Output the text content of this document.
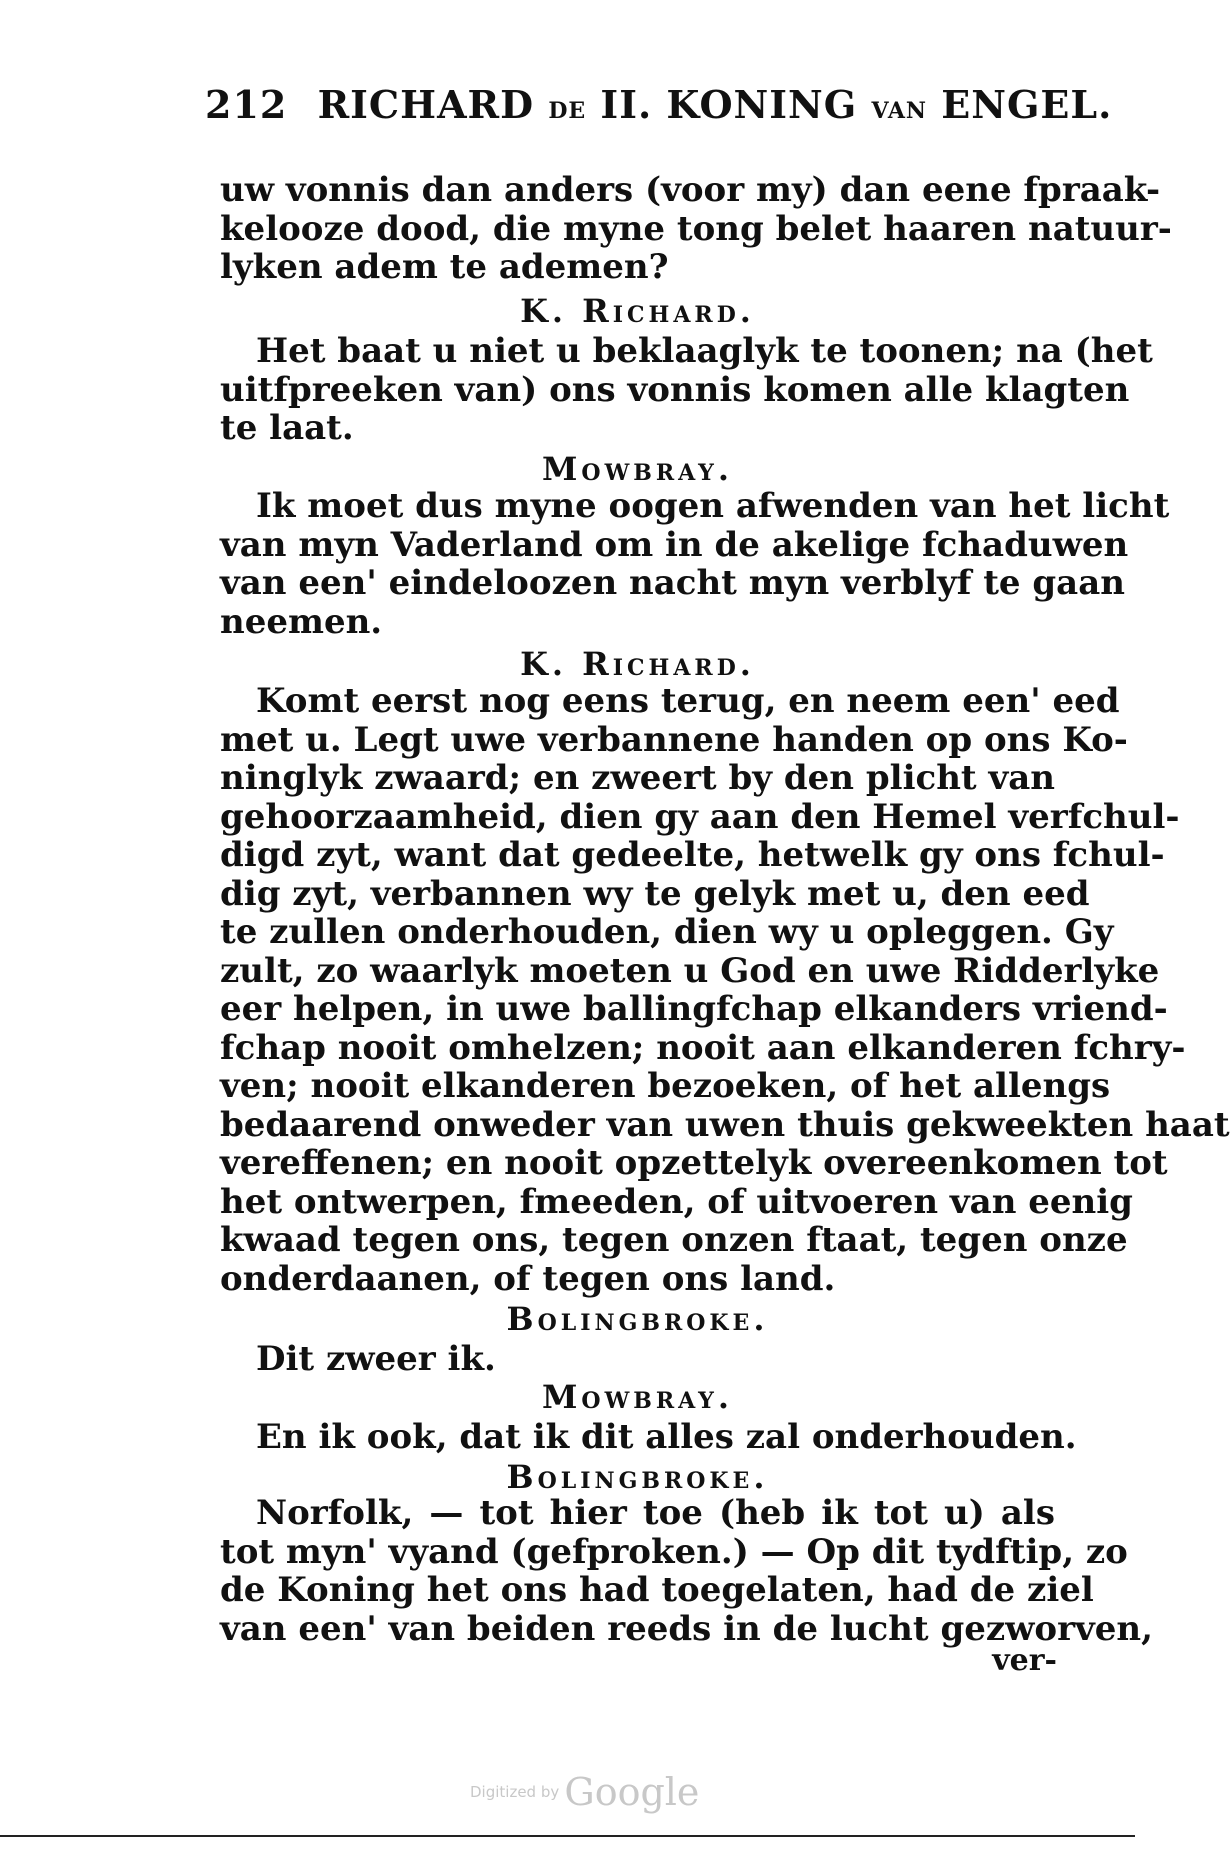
212 RICHARD DE II. KONING VAN ENGEL.
uw vonnis dan anders (voor my) dan eene fpraak-
kelooze dood, die myne tong belet haaren natuur-
lyken adem te ademen?
K. Richard.
Het baat u niet u beklaaglyk te toonen; na (het
uitfpreeken van) ons vonnis komen alle klagten
te laat.
Mowbray.
Ik moet dus myne oogen afwenden van het licht
van myn Vaderland om in de akelige fchaduwen
van een' eindeloozen nacht myn verblyf te gaan
neemen.
K. Richard.
Komt eerst nog eens terug, en neem een' eed
met u. Legt uwe verbannene handen op ons Ko-
ninglyk zwaard; en zweert by den plicht van
gehoorzaamheid, dien gy aan den Hemel verfchul-
digd zyt, want dat gedeelte, hetwelk gy ons fchul-
dig zyt, verbannen wy te gelyk met u, den eed
te zullen onderhouden, dien wy u opleggen. Gy
zult, zo waarlyk moeten u God en uwe Ridderlyke
eer helpen, in uwe ballingfchap elkanders vriend-
fchap nooit omhelzen; nooit aan elkanderen fchry-
ven; nooit elkanderen bezoeken, of het allengs
bedaarend onweder van uwen thuis gekweekten haat
vereffenen; en nooit opzettelyk overeenkomen tot
het ontwerpen, fmeeden, of uitvoeren van eenig
kwaad tegen ons, tegen onzen ftaat, tegen onze
onderdaanen, of tegen ons land.
Bolingbroke.
Dit zweer ik.
Mowbray.
En ik ook, dat ik dit alles zal onderhouden.
Bolingbroke.
Norfolk, — tot hier toe (heb ik tot u) als
tot myn' vyand (gefproken.) — Op dit tydftip, zo
de Koning het ons had toegelaten, had de ziel
van een' van beiden reeds in de lucht gezworven,
ver-
Digitized by Google
